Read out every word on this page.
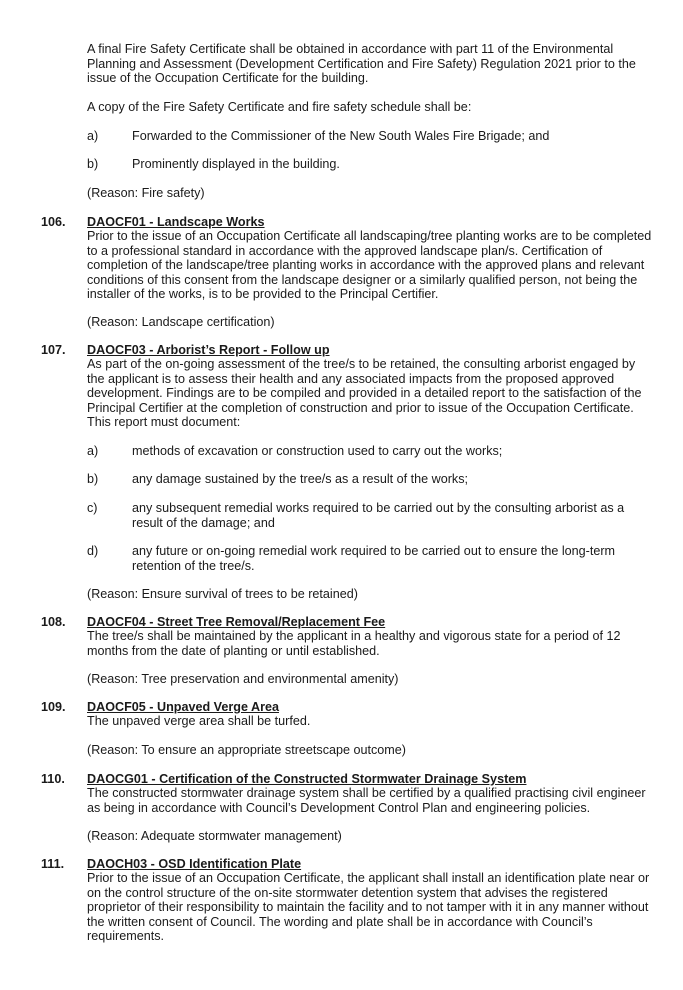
A final Fire Safety Certificate shall be obtained in accordance with part 11 of the Environmental Planning and Assessment (Development Certification and Fire Safety) Regulation 2021 prior to the issue of the Occupation Certificate for the building.

A copy of the Fire Safety Certificate and fire safety schedule shall be:

a)	Forwarded to the Commissioner of the New South Wales Fire Brigade; and
b)	Prominently displayed in the building.

(Reason: Fire safety)

106. DAOCF01 - Landscape Works

Prior to the issue of an Occupation Certificate all landscaping/tree planting works are to be completed to a professional standard in accordance with the approved landscape plan/s. Certification of completion of the landscape/tree planting works in accordance with the approved plans and relevant conditions of this consent from the landscape designer or a similarly qualified person, not being the installer of the works, is to be provided to the Principal Certifier.

(Reason: Landscape certification)

107. DAOCF03 - Arborist’s Report - Follow up

As part of the on-going assessment of the tree/s to be retained, the consulting arborist engaged by the applicant is to assess their health and any associated impacts from the proposed approved development. Findings are to be compiled and provided in a detailed report to the satisfaction of the Principal Certifier at the completion of construction and prior to issue of the Occupation Certificate. This report must document:

a)	methods of excavation or construction used to carry out the works;
b)	any damage sustained by the tree/s as a result of the works;
c)	any subsequent remedial works required to be carried out by the consulting arborist as a result of the damage; and
d)	any future or on-going remedial work required to be carried out to ensure the long-term retention of the tree/s.

(Reason: Ensure survival of trees to be retained)

108. DAOCF04 - Street Tree Removal/Replacement Fee

The tree/s shall be maintained by the applicant in a healthy and vigorous state for a period of 12 months from the date of planting or until established.

(Reason: Tree preservation and environmental amenity)

109. DAOCF05 - Unpaved Verge Area

The unpaved verge area shall be turfed.

(Reason: To ensure an appropriate streetscape outcome)

110. DAOCG01 - Certification of the Constructed Stormwater Drainage System

The constructed stormwater drainage system shall be certified by a qualified practising civil engineer as being in accordance with Council’s Development Control Plan and engineering policies.

(Reason: Adequate stormwater management)

111. DAOCH03 - OSD Identification Plate

Prior to the issue of an Occupation Certificate, the applicant shall install an identification plate near or on the control structure of the on-site stormwater detention system that advises the registered proprietor of their responsibility to maintain the facility and to not tamper with it in any manner without the written consent of Council. The wording and plate shall be in accordance with Council’s requirements.
